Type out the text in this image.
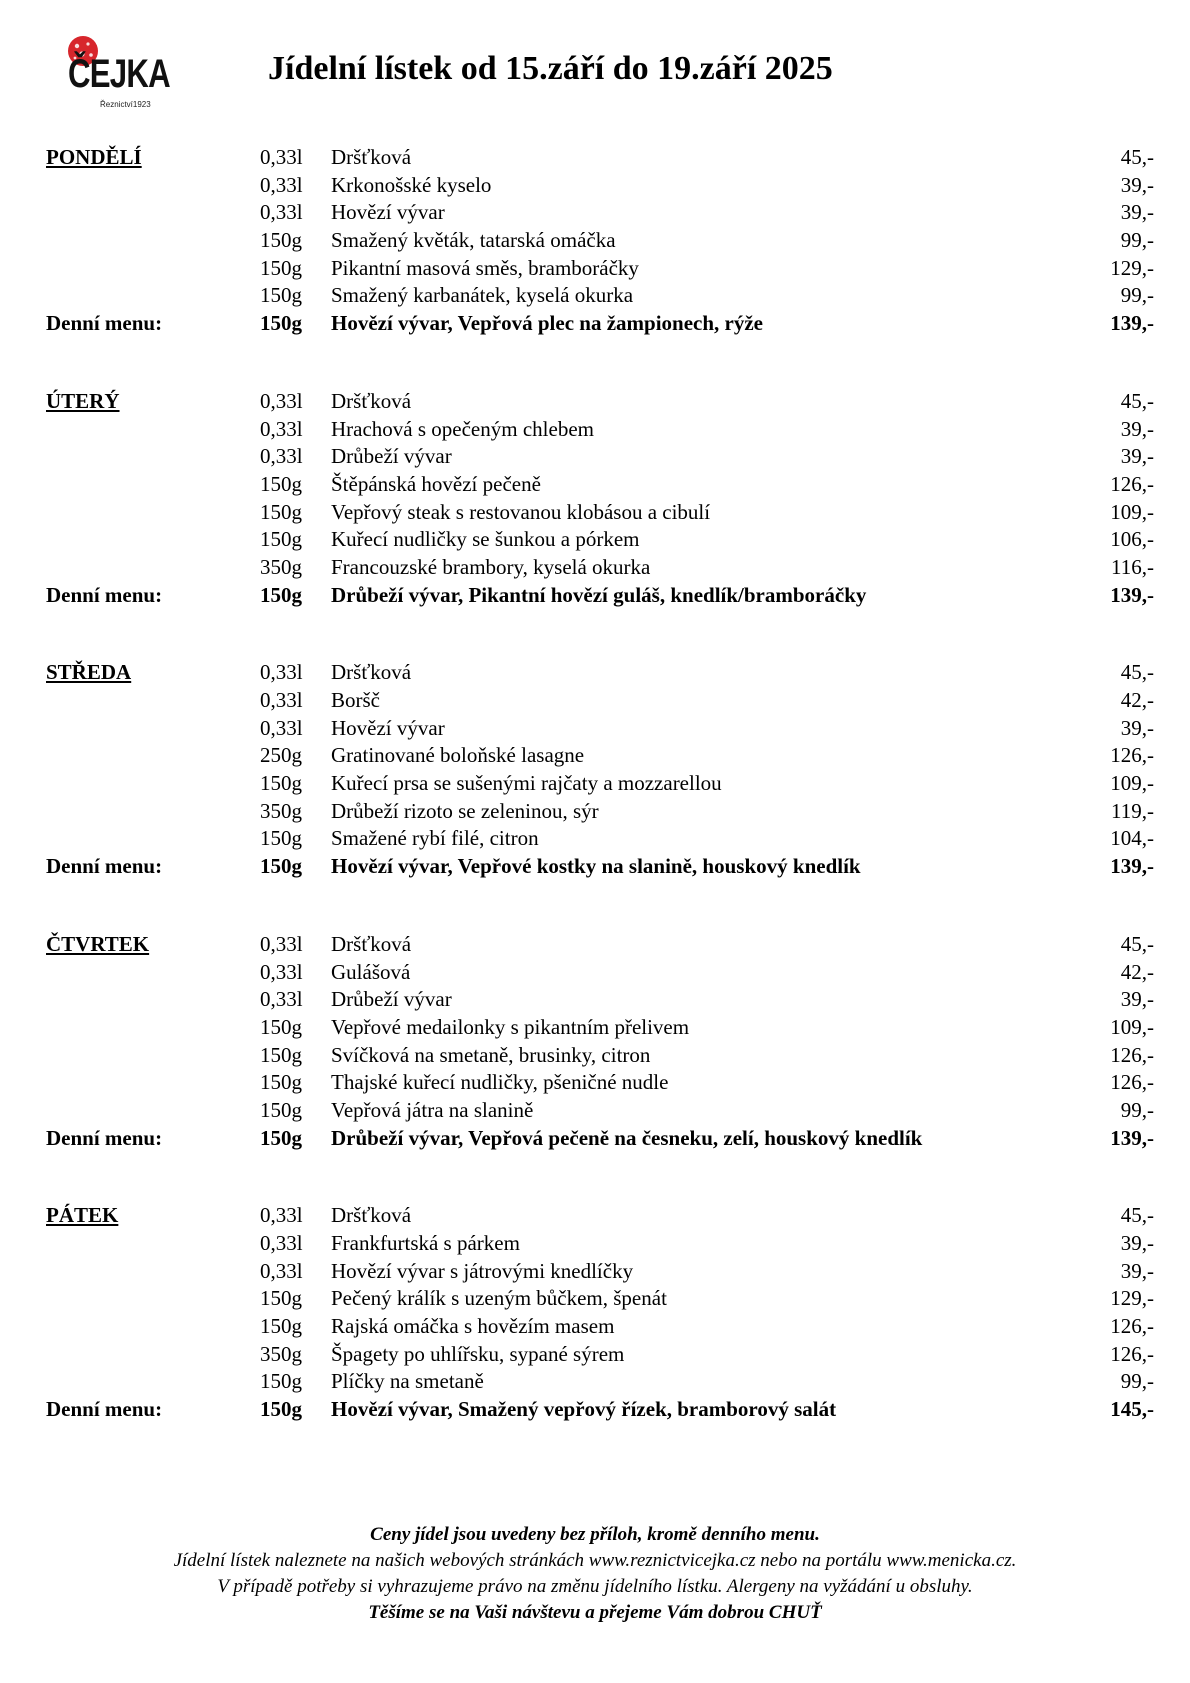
ČEJKA
Řeznictví1923
Jídelní lístek od 15.září do 19.září 2025
PONDĚLÍ	0,33l Dršťková	45,-
0,33l Krkonošské kyselo	39,-
0,33l Hovězí vývar	39,-
150g Smažený květák, tatarská omáčka	99,-
150g Pikantní masová směs, bramboráčky	129,-
150g Smažený karbanátek, kyselá okurka	99,-
Denní menu:	150g Hovězí vývar, Vepřová plec na žampionech, rýže	139,-
ÚTERÝ	0,33l Dršťková	45,-
0,33l Hrachová s opečeným chlebem	39,-
0,33l Drůbeží vývar	39,-
150g Štěpánská hovězí pečeně	126,-
150g Vepřový steak s restovanou klobásou a cibulí	109,-
150g Kuřecí nudličky se šunkou a pórkem	106,-
350g Francouzské brambory, kyselá okurka	116,-
Denní menu:	150g Drůbeží vývar, Pikantní hovězí guláš, knedlík/bramboráčky	139,-
STŘEDA	0,33l Dršťková	45,-
0,33l Boršč	42,-
0,33l Hovězí vývar	39,-
250g Gratinované boloňské lasagne	126,-
150g Kuřecí prsa se sušenými rajčaty a mozzarellou	109,-
350g Drůbeží rizoto se zeleninou, sýr	119,-
150g Smažené rybí filé, citron	104,-
Denní menu:	150g Hovězí vývar, Vepřové kostky na slanině, houskový knedlík	139,-
ČTVRTEK	0,33l Dršťková	45,-
0,33l Gulášová	42,-
0,33l Drůbeží vývar	39,-
150g Vepřové medailonky s pikantním přelivem	109,-
150g Svíčková na smetaně, brusinky, citron	126,-
150g Thajské kuřecí nudličky, pšeničné nudle	126,-
150g Vepřová játra na slanině	99,-
Denní menu:	150g Drůbeží vývar, Vepřová pečeně na česneku, zelí, houskový knedlík	139,-
PÁTEK	0,33l Dršťková	45,-
0,33l Frankfurtská s párkem	39,-
0,33l Hovězí vývar s játrovými knedlíčky	39,-
150g Pečený králík s uzeným bůčkem, špenát	129,-
150g Rajská omáčka s hovězím masem	126,-
350g Špagety po uhlířsku, sypané sýrem	126,-
150g Plíčky na smetaně	99,-
Denní menu:	150g Hovězí vývar, Smažený vepřový řízek, bramborový salát	145,-
Ceny jídel jsou uvedeny bez příloh, kromě denního menu.
Jídelní lístek naleznete na našich webových stránkách www.reznictvicejka.cz nebo na portálu www.menicka.cz.
V případě potřeby si vyhrazujeme právo na změnu jídelního lístku. Alergeny na vyžádání u obsluhy.
Těšíme se na Vaši návštevu a přejeme Vám dobrou CHUŤ
